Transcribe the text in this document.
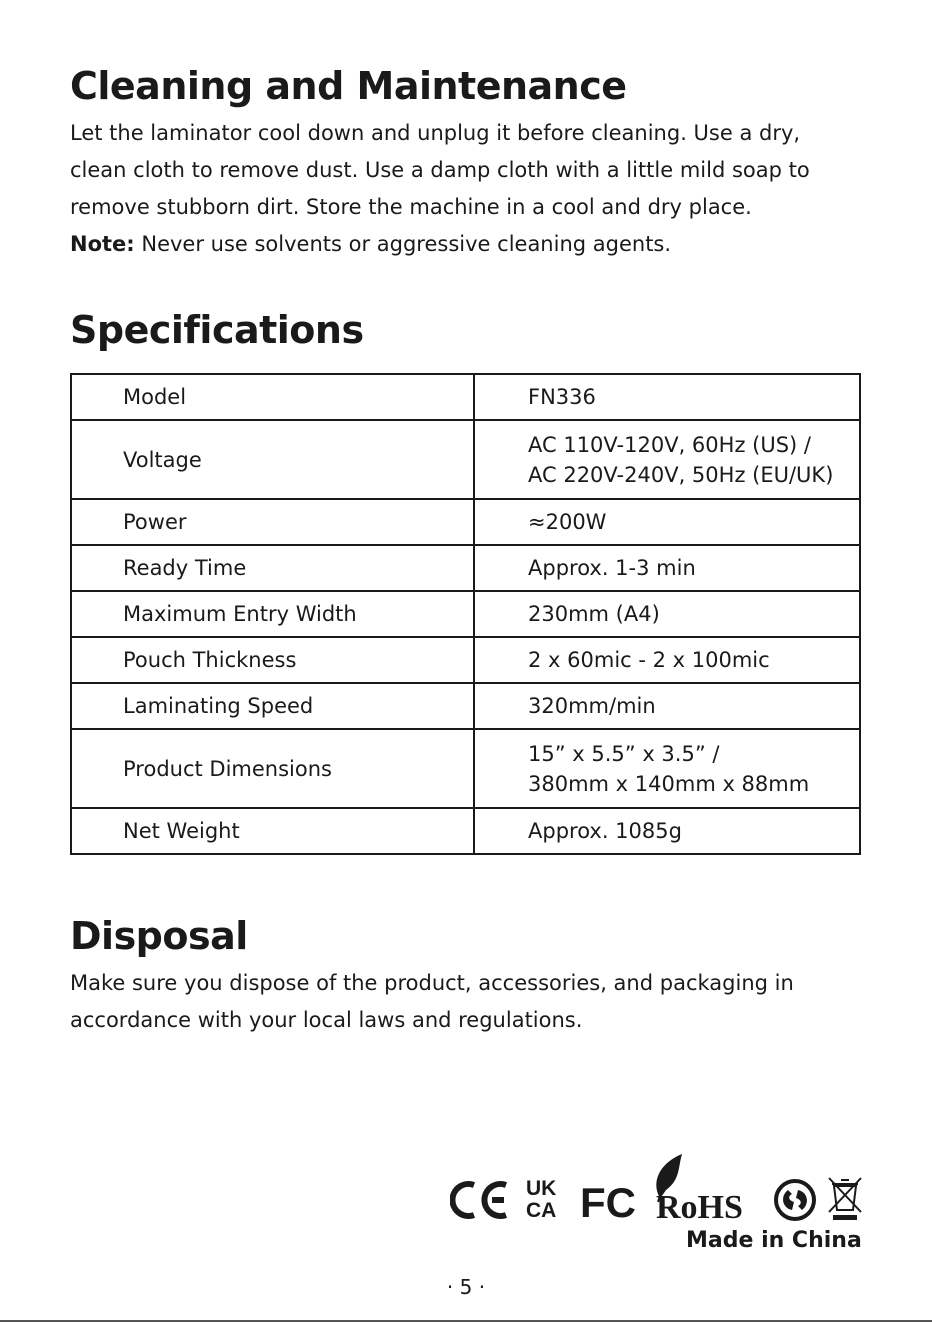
Cleaning and Maintenance

Let the laminator cool down and unplug it before cleaning. Use a dry,

clean cloth to remove dust. Use a damp cloth with a little mild soap to

remove stubborn dirt. Store the machine in a cool and dry place.

Note: Never use solvents or aggressive cleaning agents.

Specifications
Model	FN336

Voltage	AC 110V-120V, 60Hz (US) /
AC 220V-240V, 50Hz (EU/UK)

Power	≈200W

Ready Time	Approx. 1-3 min

Maximum Entry Width	230mm (A4)

Pouch Thickness	2 x 60mic - 2 x 100mic

Laminating Speed	320mm/min

Product Dimensions	15” x 5.5” x 3.5” /
380mm x 140mm x 88mm

Net Weight	Approx. 1085g
Disposal

Make sure you dispose of the product, accessories, and packaging in

accordance with your local laws and regulations.

UK
CA FC RoHS
Made in China
· 5 ·
